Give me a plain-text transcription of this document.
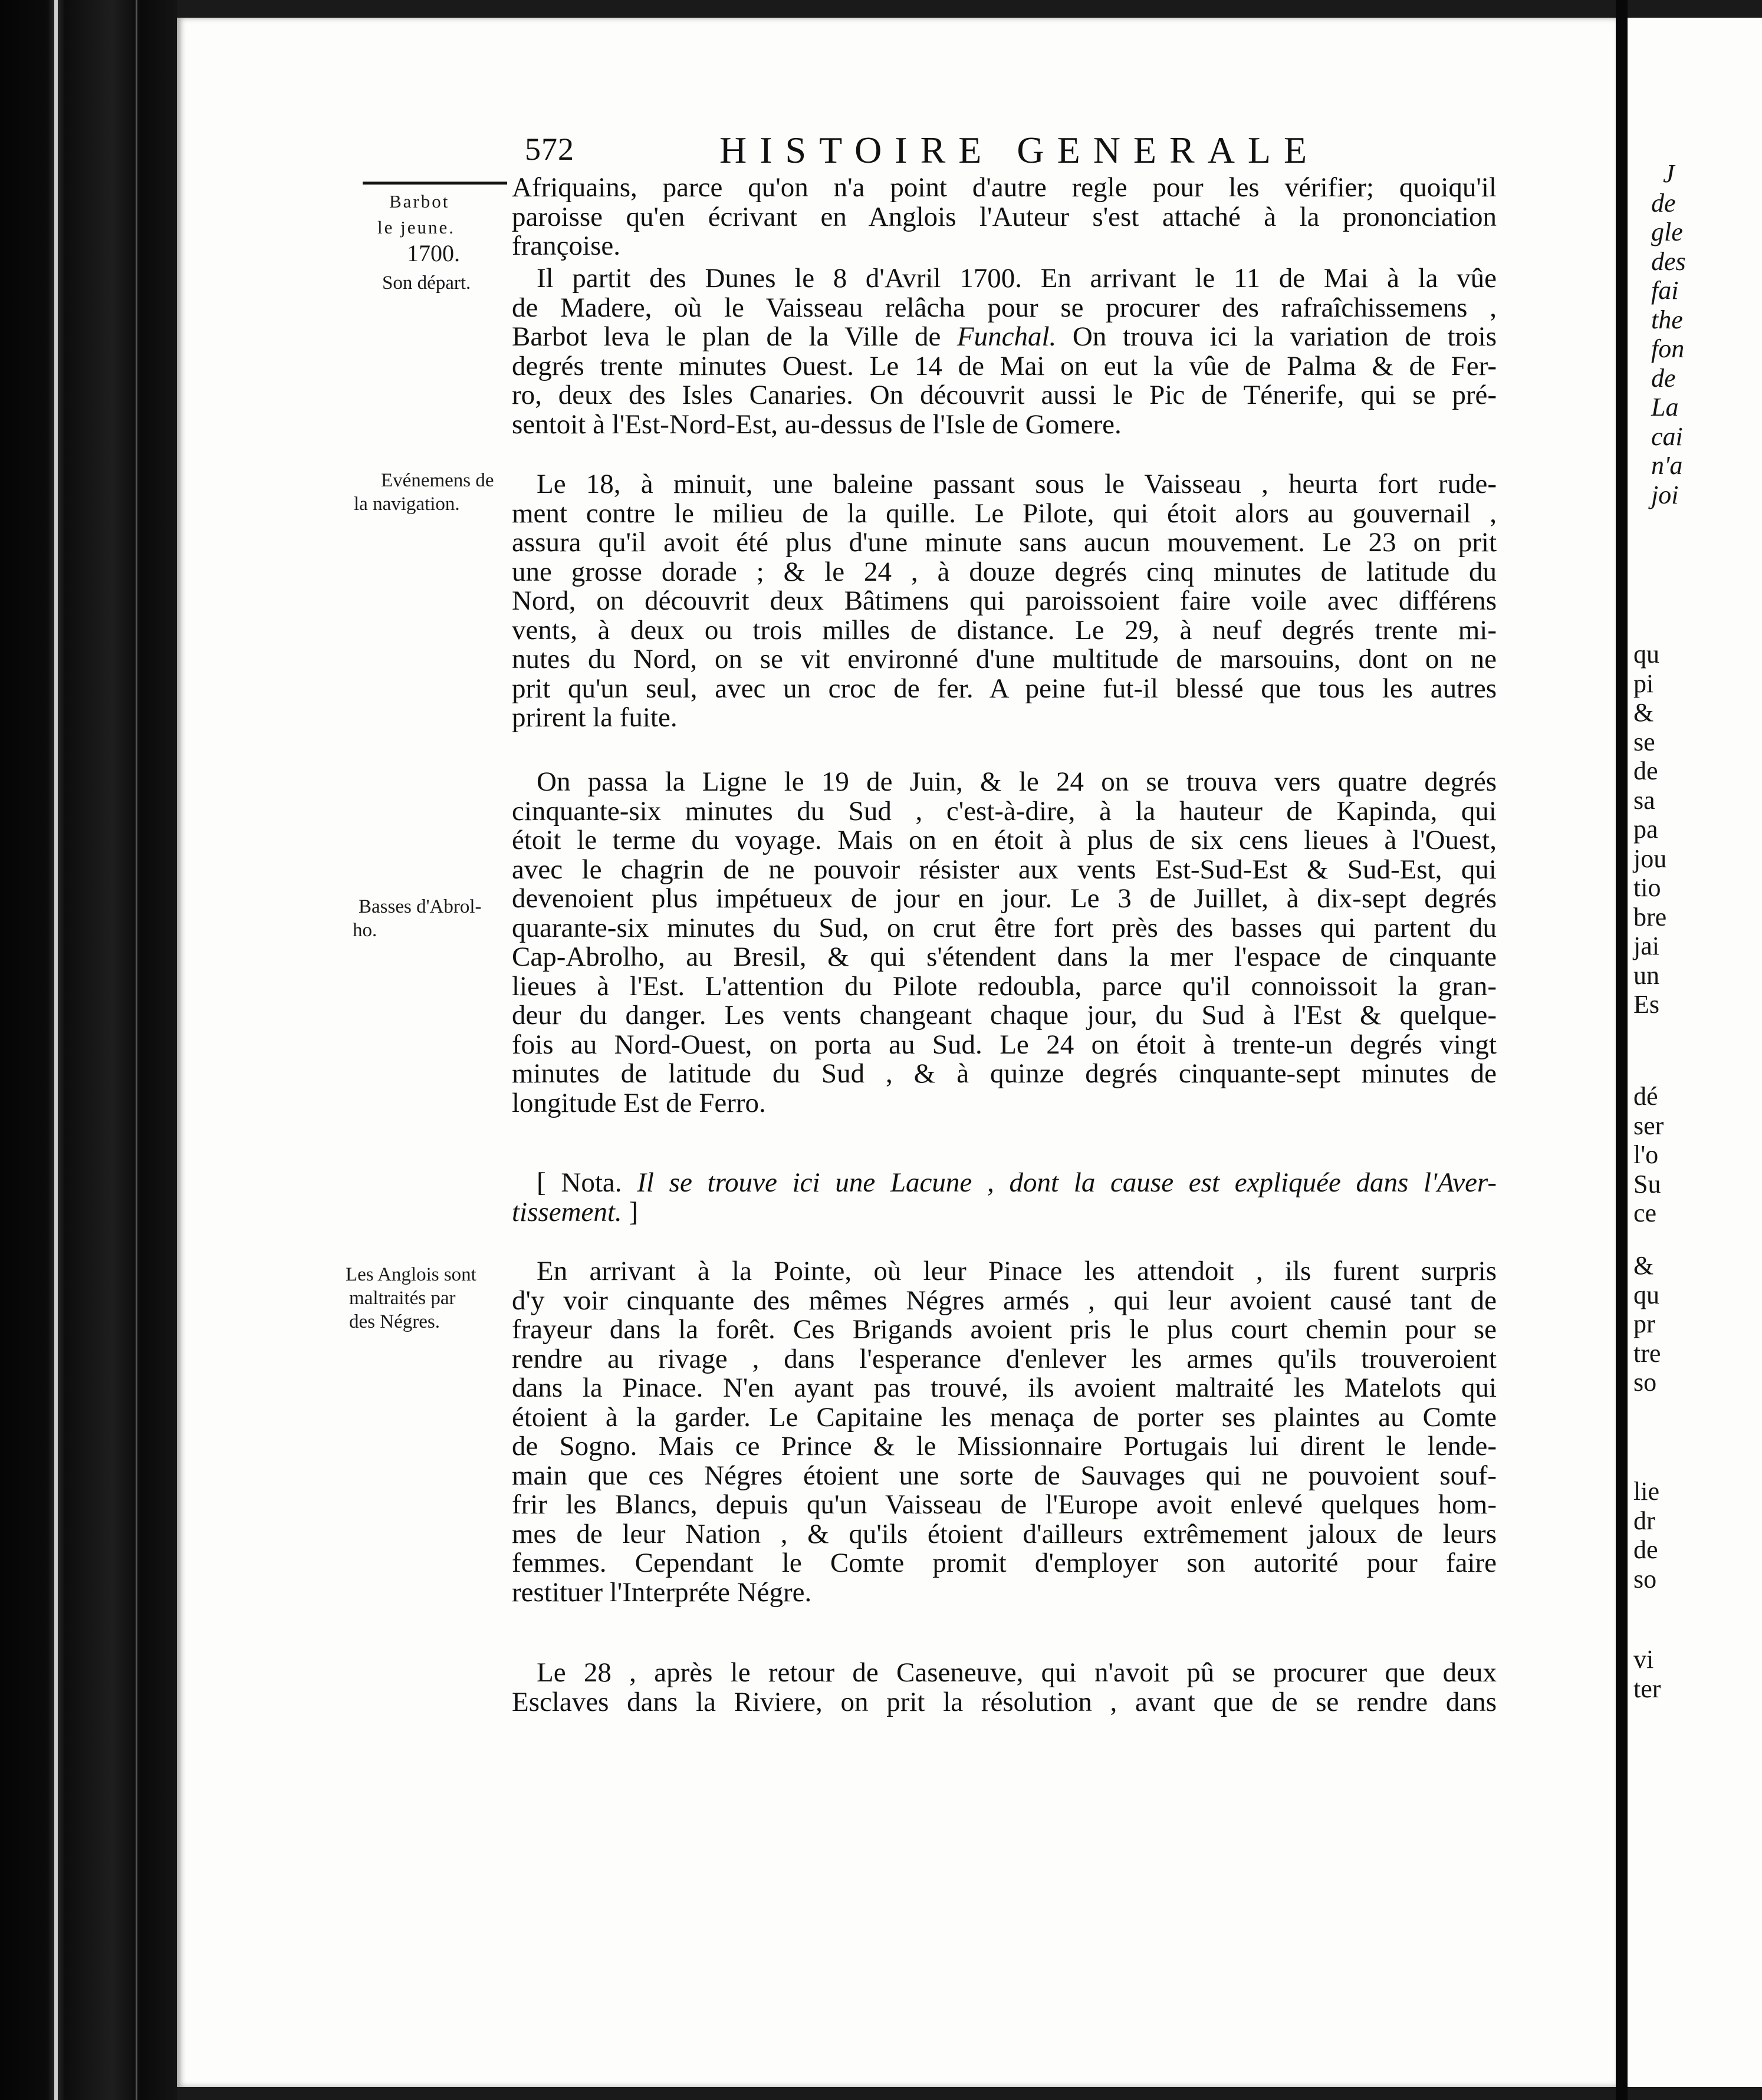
572	HISTOIRE GENERALE
Barbot
le jeune.
1700.
Son départ.
Evénemens de
la navigation.
Basses d'Abrol-
ho.
Les Anglois sont
maltraités par
des Négres.
Afriquains, parce qu'on n'a point d'autre regle pour les vérifier; quoiqu'il
paroisse qu'en écrivant en Anglois l'Auteur s'est attaché à la prononciation
françoise.
Il partit des Dunes le 8 d'Avril 1700. En arrivant le 11 de Mai à la vûe
de Madere, où le Vaisseau relâcha pour se procurer des rafraîchissemens ,
Barbot leva le plan de la Ville de Funchal. On trouva ici la variation de trois
degrés trente minutes Ouest. Le 14 de Mai on eut la vûe de Palma & de Fer-
ro, deux des Isles Canaries. On découvrit aussi le Pic de Ténerife, qui se pré-
sentoit à l'Est-Nord-Est, au-dessus de l'Isle de Gomere.
Le 18, à minuit, une baleine passant sous le Vaisseau , heurta fort rude-
ment contre le milieu de la quille. Le Pilote, qui étoit alors au gouvernail ,
assura qu'il avoit été plus d'une minute sans aucun mouvement. Le 23 on prit
une grosse dorade ; & le 24 , à douze degrés cinq minutes de latitude du
Nord, on découvrit deux Bâtimens qui paroissoient faire voile avec différens
vents, à deux ou trois milles de distance. Le 29, à neuf degrés trente mi-
nutes du Nord, on se vit environné d'une multitude de marsouins, dont on ne
prit qu'un seul, avec un croc de fer. A peine fut-il blessé que tous les autres
prirent la fuite.
On passa la Ligne le 19 de Juin, & le 24 on se trouva vers quatre degrés
cinquante-six minutes du Sud , c'est-à-dire, à la hauteur de Kapinda, qui
étoit le terme du voyage. Mais on en étoit à plus de six cens lieues à l'Ouest,
avec le chagrin de ne pouvoir résister aux vents Est-Sud-Est & Sud-Est, qui
devenoient plus impétueux de jour en jour. Le 3 de Juillet, à dix-sept degrés
quarante-six minutes du Sud, on crut être fort près des basses qui partent du
Cap-Abrolho, au Bresil, & qui s'étendent dans la mer l'espace de cinquante
lieues à l'Est. L'attention du Pilote redoubla, parce qu'il connoissoit la gran-
deur du danger. Les vents changeant chaque jour, du Sud à l'Est & quelque-
fois au Nord-Ouest, on porta au Sud. Le 24 on étoit à trente-un degrés vingt
minutes de latitude du Sud , & à quinze degrés cinquante-sept minutes de
longitude Est de Ferro.
[ Nota. Il se trouve ici une Lacune , dont la cause est expliquée dans l'Aver-
tissement. ]
En arrivant à la Pointe, où leur Pinace les attendoit , ils furent surpris
d'y voir cinquante des mêmes Négres armés , qui leur avoient causé tant de
frayeur dans la forêt. Ces Brigands avoient pris le plus court chemin pour se
rendre au rivage , dans l'esperance d'enlever les armes qu'ils trouveroient
dans la Pinace. N'en ayant pas trouvé, ils avoient maltraité les Matelots qui
étoient à la garder. Le Capitaine les menaça de porter ses plaintes au Comte
de Sogno. Mais ce Prince & le Missionnaire Portugais lui dirent le lende-
main que ces Négres étoient une sorte de Sauvages qui ne pouvoient souf-
frir les Blancs, depuis qu'un Vaisseau de l'Europe avoit enlevé quelques hom-
mes de leur Nation , & qu'ils étoient d'ailleurs extrêmement jaloux de leurs
femmes. Cependant le Comte promit d'employer son autorité pour faire
restituer l'Interpréte Négre.
Le 28 , après le retour de Caseneuve, qui n'avoit pû se procurer que deux
Esclaves dans la Riviere, on prit la résolution , avant que de se rendre dans
J
de
gle
des
fai
the
fon
de
La
cai
n'a
joi
qu
pi
&
se
de
sa
pa
jou
tio
bre
jai
un
Es
dé
ser
l'o
Su
ce
&
qu
pr
tre
so
lie
dr
de
so
vi
ter
